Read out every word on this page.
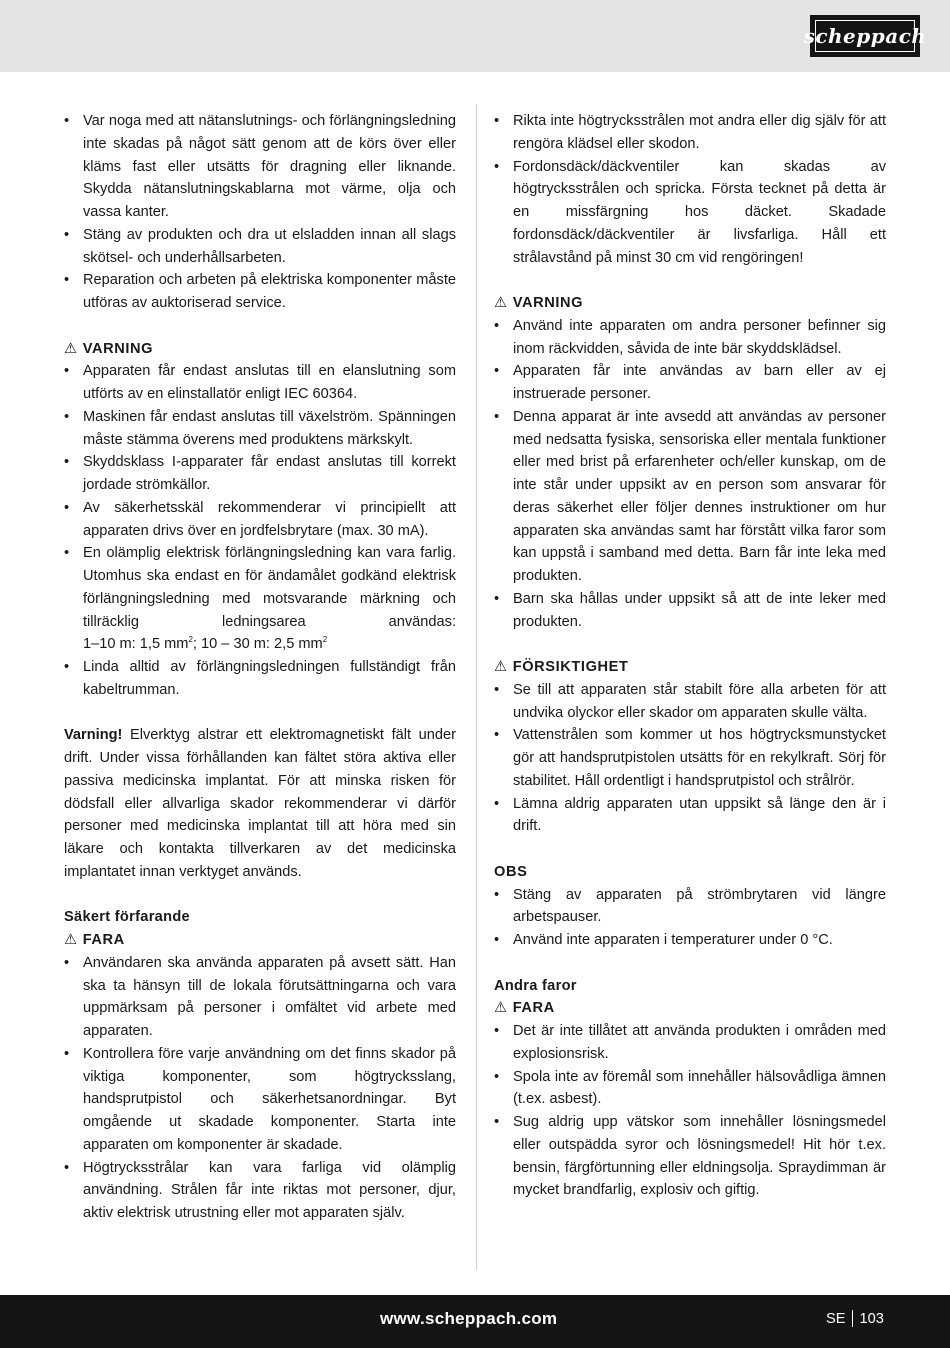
scheppach
• Var noga med att nätanslutnings- och förlängningsledning inte skadas på något sätt genom att de körs över eller kläms fast eller utsätts för dragning eller liknande. Skydda nätanslutningskablarna mot värme, olja och vassa kanter.
• Stäng av produkten och dra ut elsladden innan all slags skötsel- och underhållsarbeten.
• Reparation och arbeten på elektriska komponenter måste utföras av auktoriserad service.
⚠ VARNING
• Apparaten får endast anslutas till en elanslutning som utförts av en elinstallatör enligt IEC 60364.
• Maskinen får endast anslutas till växelström. Spänningen måste stämma överens med produktens märkskylt.
• Skyddsklass I-apparater får endast anslutas till korrekt jordade strömkällor.
• Av säkerhetsskäl rekommenderar vi principiellt att apparaten drivs över en jordfelsbrytare (max. 30 mA).
• En olämplig elektrisk förlängningsledning kan vara farlig. Utomhus ska endast en för ändamålet godkänd elektrisk förlängningsledning med motsvarande märkning och tillräcklig ledningsarea användas: 1–10 m: 1,5 $mm^2$; 10 – 30 m: 2,5 $mm^2$
• Linda alltid av förlängningsledningen fullständigt från kabeltrumman.

Varning! Elverktyg alstrar ett elektromagnetiskt fält under drift. Under vissa förhållanden kan fältet störa aktiva eller passiva medicinska implantat. För att minska risken för dödsfall eller allvarliga skador rekommenderar vi därför personer med medicinska implantat till att höra med sin läkare och kontakta tillverkaren av det medicinska implantatet innan verktyget används.

Säkert förfarande
⚠ FARA
• Användaren ska använda apparaten på avsett sätt. Han ska ta hänsyn till de lokala förutsättningarna och vara uppmärksam på personer i omfältet vid arbete med apparaten.
• Kontrollera före varje användning om det finns skador på viktiga komponenter, som högtrycksslang, handsprutpistol och säkerhetsanordningar. Byt omgående ut skadade komponenter. Starta inte apparaten om komponenter är skadade.
• Högtrycksstrålar kan vara farliga vid olämplig användning. Strålen får inte riktas mot personer, djur, aktiv elektrisk utrustning eller mot apparaten själv.
• Rikta inte högtrycksstrålen mot andra eller dig själv för att rengöra klädsel eller skodon.
• Fordonsdäck/däckventiler kan skadas av högtrycksstrålen och spricka. Första tecknet på detta är en missfärgning hos däcket. Skadade fordonsdäck/däckventiler är livsfarliga. Håll ett strålavstånd på minst 30 cm vid rengöringen!
⚠ VARNING
• Använd inte apparaten om andra personer befinner sig inom räckvidden, såvida de inte bär skyddsklädsel.
• Apparaten får inte användas av barn eller av ej instruerade personer.
• Denna apparat är inte avsedd att användas av personer med nedsatta fysiska, sensoriska eller mentala funktioner eller med brist på erfarenheter och/eller kunskap, om de inte står under uppsikt av en person som ansvarar för deras säkerhet eller följer dennes instruktioner om hur apparaten ska användas samt har förstått vilka faror som kan uppstå i samband med detta. Barn får inte leka med produkten.
• Barn ska hållas under uppsikt så att de inte leker med produkten.
⚠ FÖRSIKTIGHET
• Se till att apparaten står stabilt före alla arbeten för att undvika olyckor eller skador om apparaten skulle välta.
• Vattenstrålen som kommer ut hos högtrycksmunstycket gör att handsprutpistolen utsätts för en rekylkraft. Sörj för stabilitet. Håll ordentligt i handsprutpistol och strålrör.
• Lämna aldrig apparaten utan uppsikt så länge den är i drift.
OBS
• Stäng av apparaten på strömbrytaren vid längre arbetspauser.
• Använd inte apparaten i temperaturer under 0 °C.
Andra faror
⚠ FARA
• Det är inte tillåtet att använda produkten i områden med explosionsrisk.
• Spola inte av föremål som innehåller hälsovådliga ämnen (t.ex. asbest).
• Sug aldrig upp vätskor som innehåller lösningsmedel eller outspädda syror och lösningsmedel! Hit hör t.ex. bensin, färgförtunning eller eldningsolja. Spraydimman är mycket brandfarlig, explosiv och giftig.
www.scheppach.com	SE 103
